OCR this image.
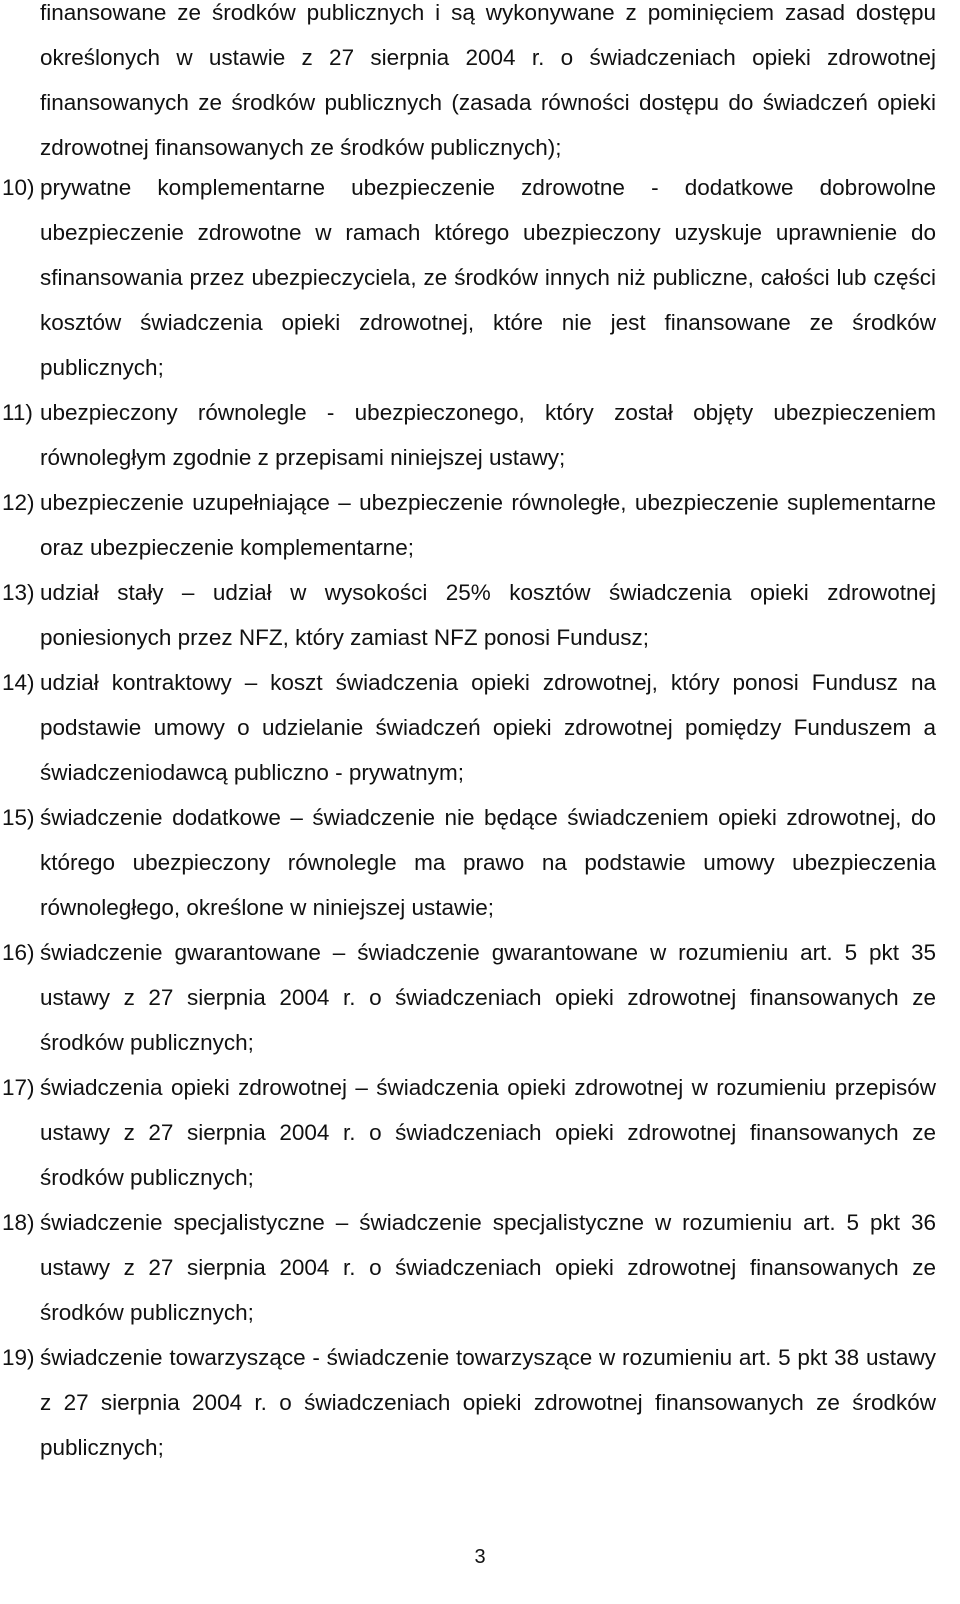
finansowane ze środków publicznych i są wykonywane z pominięciem zasad dostępu określonych w ustawie z 27 sierpnia 2004 r. o świadczeniach opieki zdrowotnej finansowanych ze środków publicznych (zasada równości dostępu do świadczeń opieki zdrowotnej finansowanych ze środków publicznych);
10) prywatne komplementarne ubezpieczenie zdrowotne - dodatkowe dobrowolne ubezpieczenie zdrowotne w ramach którego ubezpieczony uzyskuje uprawnienie do sfinansowania przez ubezpieczyciela, ze środków innych niż publiczne, całości lub części kosztów świadczenia opieki zdrowotnej, które nie jest finansowane ze środków publicznych;
11) ubezpieczony równolegle - ubezpieczonego, który został objęty ubezpieczeniem równoległym zgodnie z przepisami niniejszej ustawy;
12) ubezpieczenie uzupełniające – ubezpieczenie równoległe, ubezpieczenie suplementarne oraz ubezpieczenie komplementarne;
13) udział stały – udział w wysokości 25% kosztów świadczenia opieki zdrowotnej poniesionych przez NFZ, który zamiast NFZ ponosi Fundusz;
14) udział kontraktowy – koszt świadczenia opieki zdrowotnej, który ponosi Fundusz na podstawie umowy o udzielanie świadczeń opieki zdrowotnej pomiędzy Funduszem a świadczeniodawcą publiczno - prywatnym;
15) świadczenie dodatkowe – świadczenie nie będące świadczeniem opieki zdrowotnej, do którego ubezpieczony równolegle ma prawo na podstawie umowy ubezpieczenia równoległego, określone w niniejszej ustawie;
16) świadczenie gwarantowane – świadczenie gwarantowane w rozumieniu art. 5 pkt 35 ustawy z 27 sierpnia 2004 r. o świadczeniach opieki zdrowotnej finansowanych ze środków publicznych;
17) świadczenia opieki zdrowotnej – świadczenia opieki zdrowotnej w rozumieniu przepisów ustawy z 27 sierpnia 2004 r. o świadczeniach opieki zdrowotnej finansowanych ze środków publicznych;
18) świadczenie specjalistyczne – świadczenie specjalistyczne w rozumieniu art. 5 pkt 36 ustawy z 27 sierpnia 2004 r. o świadczeniach opieki zdrowotnej finansowanych ze środków publicznych;
19) świadczenie towarzyszące - świadczenie towarzyszące w rozumieniu art. 5 pkt 38 ustawy z 27 sierpnia 2004 r. o świadczeniach opieki zdrowotnej finansowanych ze środków publicznych;
3
